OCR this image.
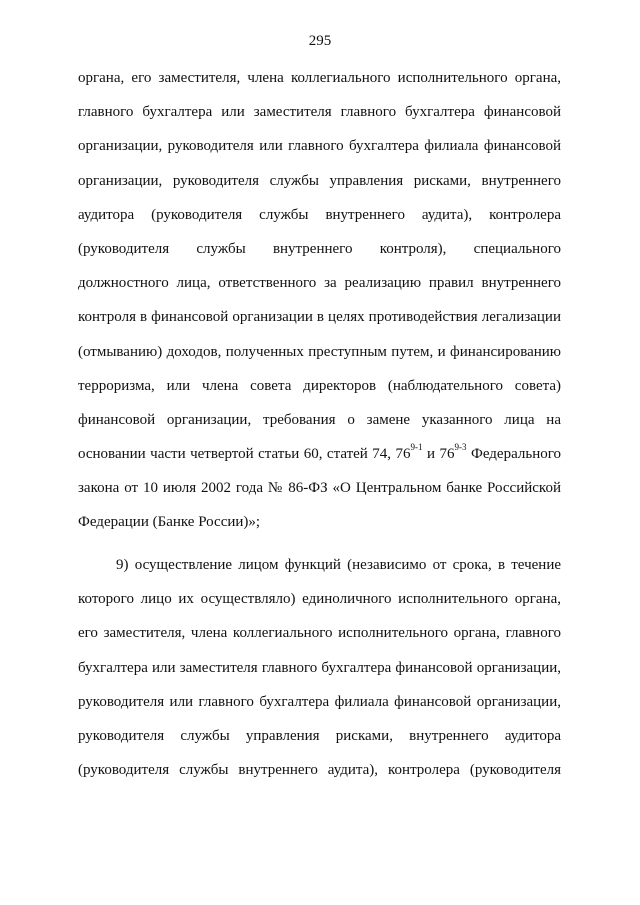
295
органа, его заместителя, члена коллегиального исполнительного органа,
главного бухгалтера или заместителя главного бухгалтера финансовой
организации, руководителя или главного бухгалтера филиала финансовой
организации, руководителя службы управления рисками, внутреннего
аудитора (руководителя службы внутреннего аудита), контролера
(руководителя службы внутреннего контроля), специального
должностного лица, ответственного за реализацию правил внутреннего
контроля в финансовой организации в целях противодействия легализации
(отмыванию) доходов, полученных преступным путем, и финансированию
терроризма, или члена совета директоров (наблюдательного совета)
финансовой организации, требования о замене указанного лица на
основании части четвертой статьи 60, статей 74, 76$^{9-1}$ и 76$^{9-3}$ Федерального
закона от 10 июля 2002 года № 86-ФЗ «О Центральном банке Российской
Федерации (Банке России)»;
9) осуществление лицом функций (независимо от срока, в течение
которого лицо их осуществляло) единоличного исполнительного органа,
его заместителя, члена коллегиального исполнительного органа, главного
бухгалтера или заместителя главного бухгалтера финансовой организации,
руководителя или главного бухгалтера филиала финансовой организации,
руководителя службы управления рисками, внутреннего аудитора
(руководителя службы внутреннего аудита), контролера (руководителя
